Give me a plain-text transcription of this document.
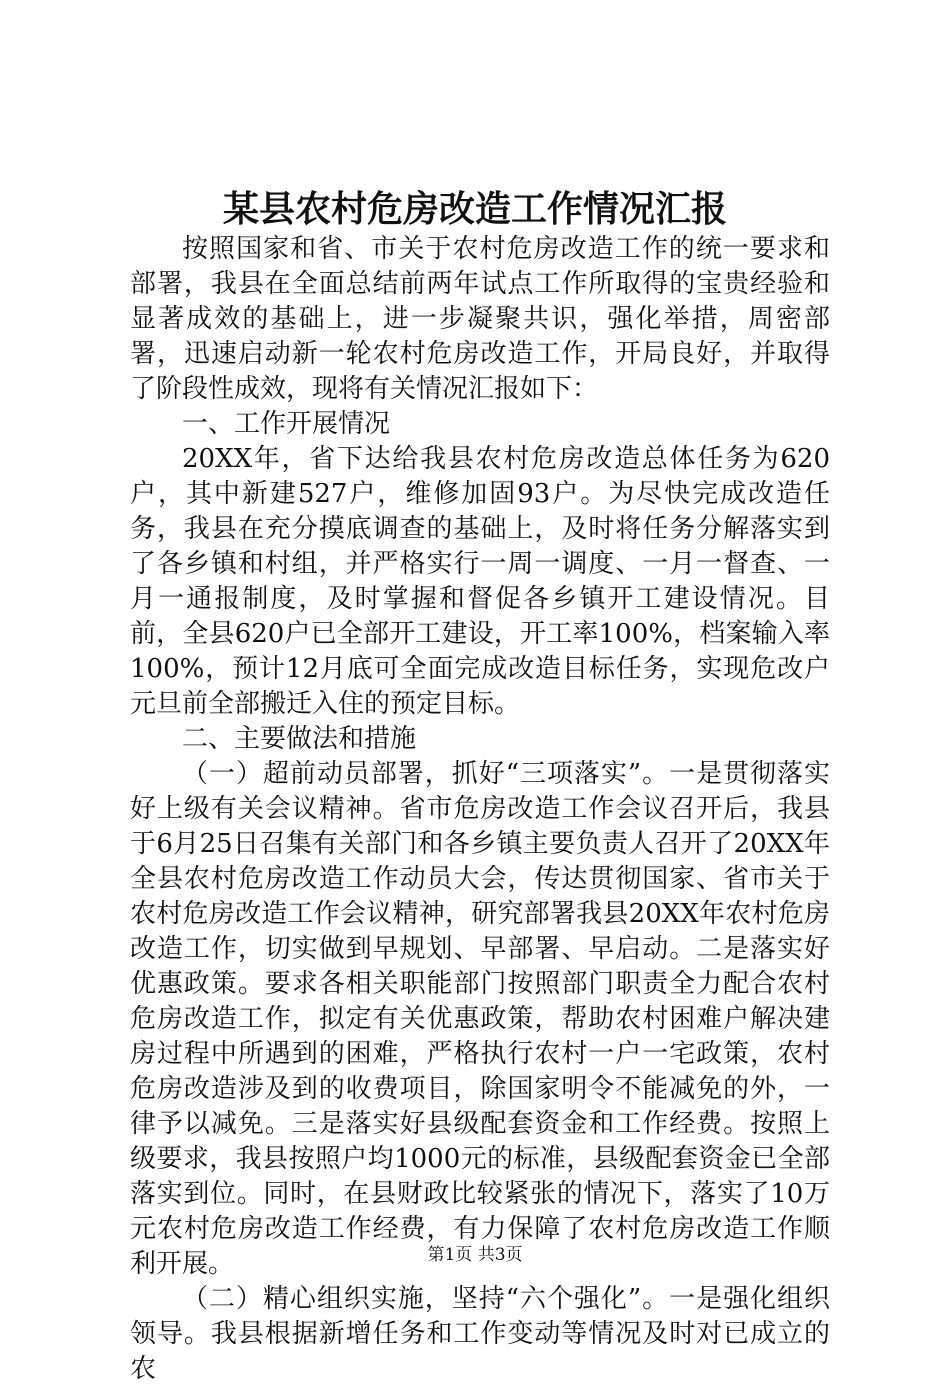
某县农村危房改造工作情况汇报

按照国家和省、市关于农村危房改造工作的统一要求和部署，我县在全面总结前两年试点工作所取得的宝贵经验和显著成效的基础上，进一步凝聚共识，强化举措，周密部署，迅速启动新一轮农村危房改造工作，开局良好，并取得了阶段性成效，现将有关情况汇报如下：

一、工作开展情况

20XX年，省下达给我县农村危房改造总体任务为620户，其中新建527户，维修加固93户。为尽快完成改造任务，我县在充分摸底调查的基础上，及时将任务分解落实到了各乡镇和村组，并严格实行一周一调度、一月一督查、一月一通报制度，及时掌握和督促各乡镇开工建设情况。目前，全县620户已全部开工建设，开工率100%，档案输入率100%，预计12月底可全面完成改造目标任务，实现危改户元旦前全部搬迁入住的预定目标。

二、主要做法和措施

（一）超前动员部署，抓好“三项落实”。一是贯彻落实好上级有关会议精神。省市危房改造工作会议召开后，我县于6月25日召集有关部门和各乡镇主要负责人召开了20XX年全县农村危房改造工作动员大会，传达贯彻国家、省市关于农村危房改造工作会议精神，研究部署我县20XX年农村危房改造工作，切实做到早规划、早部署、早启动。二是落实好优惠政策。要求各相关职能部门按照部门职责全力配合农村危房改造工作，拟定有关优惠政策，帮助农村困难户解决建房过程中所遇到的困难，严格执行农村一户一宅政策，农村危房改造涉及到的收费项目，除国家明令不能减免的外，一律予以减免。三是落实好县级配套资金和工作经费。按照上级要求，我县按照户均1000元的标准，县级配套资金已全部落实到位。同时，在县财政比较紧张的情况下，落实了10万元农村危房改造工作经费，有力保障了农村危房改造工作顺利开展。

（二）精心组织实施，坚持“六个强化”。一是强化组织领导。我县根据新增任务和工作变动等情况及时对已成立的农

第1页 共3页
